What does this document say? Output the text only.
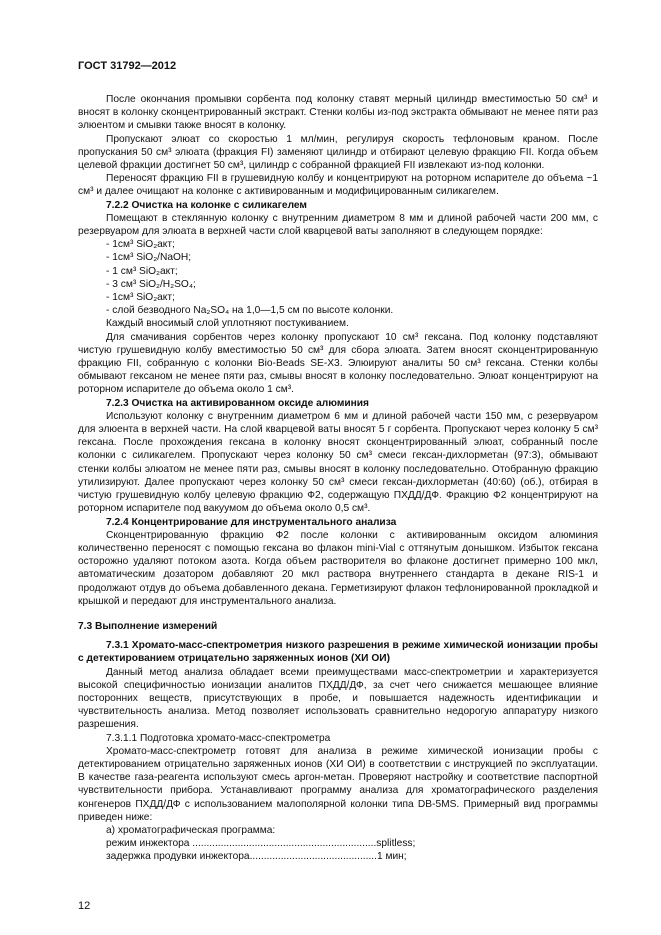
ГОСТ 31792—2012

После окончания промывки сорбента под колонку ставят мерный цилиндр вместимостью 50 см³ и вносят в колонку сконцентрированный экстракт. Стенки колбы из-под экстракта обмывают не менее пяти раз элюентом и смывки также вносят в колонку.

Пропускают элюат со скоростью 1 мл/мин, регулируя скорость тефлоновым краном. После пропускания 50 см³ элюата (фракция FI) заменяют цилиндр и отбирают целевую фракцию FII. Когда объем целевой фракции достигнет 50 см³, цилиндр с собранной фракцией FII извлекают из-под колонки.

Переносят фракцию FII в грушевидную колбу и концентрируют на роторном испарителе до объема ~1 см³ и далее очищают на колонке с активированным и модифицированным силикагелем.

7.2.2 Очистка на колонке с силикагелем

Помещают в стеклянную колонку с внутренним диаметром 8 мм и длиной рабочей части 200 мм, с резервуаром для элюата в верхней части слой кварцевой ваты заполняют в следующем порядке:

- 1см³ SiO₂акт;

- 1см³ SiO₂/NaOH;

- 1 см³ SiO₂акт;

- 3 см³ SiO₂/H₂SO₄;

- 1см³ SiO₂акт;

- слой безводного Na₂SO₄ на 1,0—1,5 см по высоте колонки.

Каждый вносимый слой уплотняют постукиванием.

Для смачивания сорбентов через колонку пропускают 10 см³ гексана. Под колонку подставляют чистую грушевидную колбу вместимостью 50 см³ для сбора элюата. Затем вносят сконцентрированную фракцию FII, собранную с колонки Bio-Beads SE-X3. Элюируют аналиты 50 см³ гексана. Стенки колбы обмывают гексаном не менее пяти раз, смывы вносят в колонку последовательно. Элюат концентрируют на роторном испарителе до объема около 1 см³.

7.2.3 Очистка на активированном оксиде алюминия

Используют колонку с внутренним диаметром 6 мм и длиной рабочей части 150 мм, с резервуаром для элюента в верхней части. На слой кварцевой ваты вносят 5 г сорбента. Пропускают через колонку 5 см³ гексана. После прохождения гексана в колонку вносят сконцентрированный элюат, собранный после колонки с силикагелем. Пропускают через колонку 50 см³ смеси гексан-дихлорметан (97:3), обмывают стенки колбы элюатом не менее пяти раз, смывы вносят в колонку последовательно. Отобранную фракцию утилизируют. Далее пропускают через колонку 50 см³ смеси гексан-дихлорметан (40:60) (об.), отбирая в чистую грушевидную колбу целевую фракцию Ф2, содержащую ПХДД/ДФ. Фракцию Ф2 концентрируют на роторном испарителе под вакуумом до объема около 0,5 см³.

7.2.4 Концентрирование для инструментального анализа

Сконцентрированную фракцию Ф2 после колонки с активированным оксидом алюминия количественно переносят с помощью гексана во флакон mini-Vial с оттянутым донышком. Избыток гексана осторожно удаляют потоком азота. Когда объем растворителя во флаконе достигнет примерно 100 мкл, автоматическим дозатором добавляют 20 мкл раствора внутреннего стандарта в декане RIS-1 и продолжают отдув до объема добавленного декана. Герметизируют флакон тефлонированной прокладкой и крышкой и передают для инструментального анализа.

7.3 Выполнение измерений

7.3.1 Хромато-масс-спектрометрия низкого разрешения в режиме химической ионизации пробы с детектированием отрицательно заряженных ионов (ХИ ОИ)

Данный метод анализа обладает всеми преимуществами масс-спектрометрии и характеризуется высокой специфичностью ионизации аналитов ПХДД/ДФ, за счет чего снижается мешающее влияние посторонних веществ, присутствующих в пробе, и повышается надежность идентификации и чувствительность анализа. Метод позволяет использовать сравнительно недорогую аппаратуру низкого разрешения.

7.3.1.1 Подготовка хромато-масс-спектрометра

Хромато-масс-спектрометр готовят для анализа в режиме химической ионизации пробы с детектированием отрицательно заряженных ионов (ХИ ОИ) в соответствии с инструкцией по эксплуатации. В качестве газа-реагента используют смесь аргон-метан. Проверяют настройку и соответствие паспортной чувствительности прибора. Устанавливают программу анализа для хроматографического разделения конгенеров ПХДД/ДФ с использованием малополярной колонки типа DB-5MS. Примерный вид программы приведен ниже:

а) хроматографическая программа:

режим инжектора .................................................................splitless;

задержка продувки инжектора.............................................1 мин;

12
